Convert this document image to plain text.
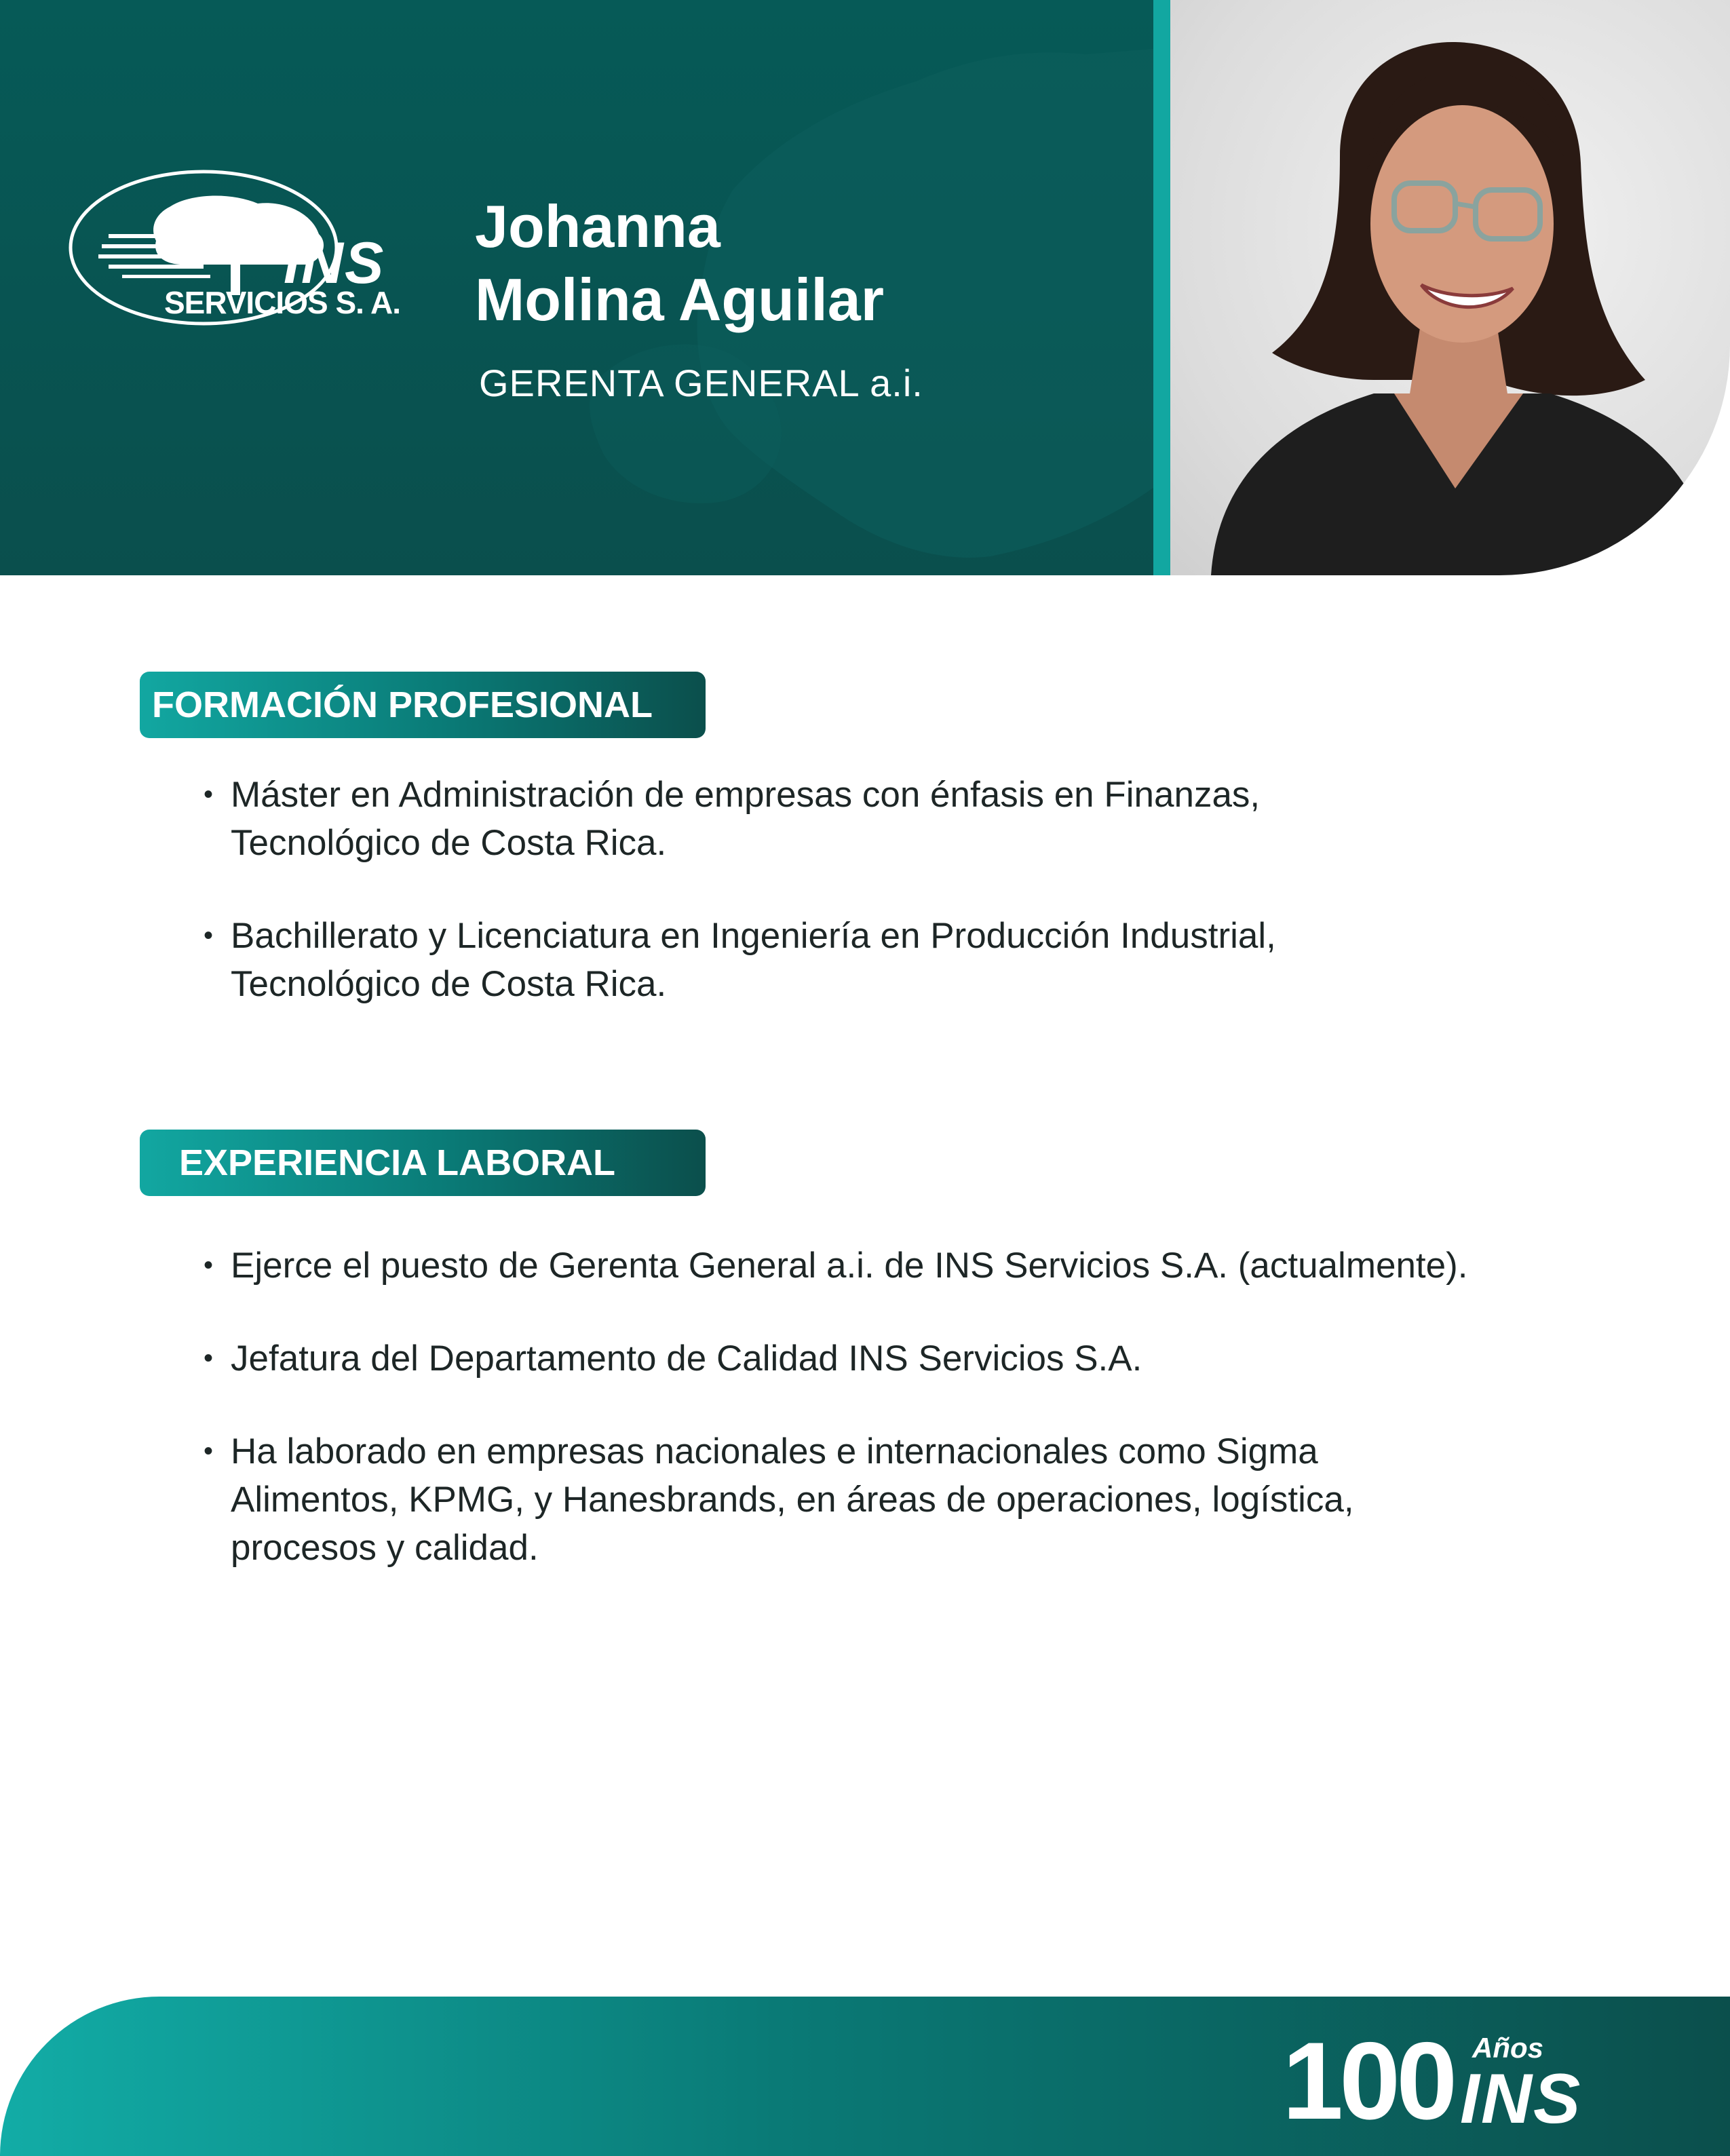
INS
SERVICIOS S. A.
Johanna
Molina Aguilar
GERENTA GENERAL a.i.
FORMACIÓN PROFESIONAL
• Máster en Administración de empresas con énfasis en Finanzas, Tecnológico de Costa Rica.
• Bachillerato y Licenciatura en Ingeniería en Producción Industrial, Tecnológico de Costa Rica.
EXPERIENCIA LABORAL
• Ejerce el puesto de Gerenta General a.i. de INS Servicios S.A. (actualmente).
• Jefatura del Departamento de Calidad INS Servicios S.A.
• Ha laborado en empresas nacionales e internacionales como Sigma Alimentos, KPMG, y Hanesbrands, en áreas de operaciones, logística, procesos y calidad.
100 Años
INS
